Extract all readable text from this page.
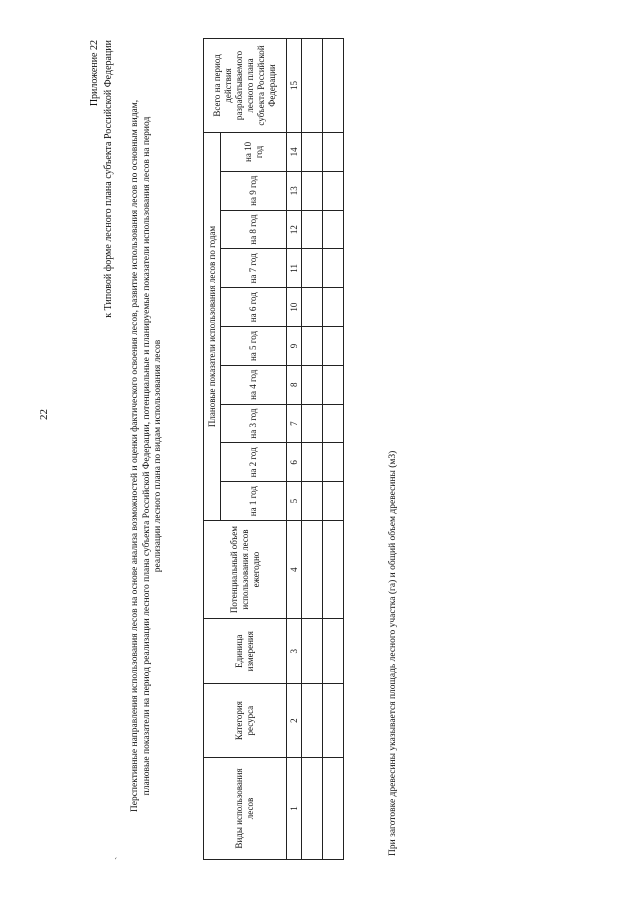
22
ˎ
Приложение 22 к Типовой форме лесного плана субъекта Российской Федерации Перспективные направления использования лесов на основе анализа возможностей и оценки фактического освоения лесов, развитие использования лесов по основным видам, плановые показатели на период реализации лесного плана субъекта Российской Федерации, потенциальные и планируемые показатели использования лесов на период реализации лесного плана по видам использования лесов
Виды использования лесов	Категория ресурса	Единица измерения	Потенциальный объем использования лесов ежегодно	Плановые показатели использования лесов по годам										Всего на период действия разрабатываемого лесного плана субъекта Российской Федерации
				на 1 год	на 2 год	на 3 год	на 4 год	на 5 год	на 6 год	на 7 год	на 8 год	на 9 год	на 10 год	
1	2	3	4	5	6	7	8	9	10	11	12	13	14	15

При заготовке древесины указывается площадь лесного участка (га) и общий объем древесины (м3)
